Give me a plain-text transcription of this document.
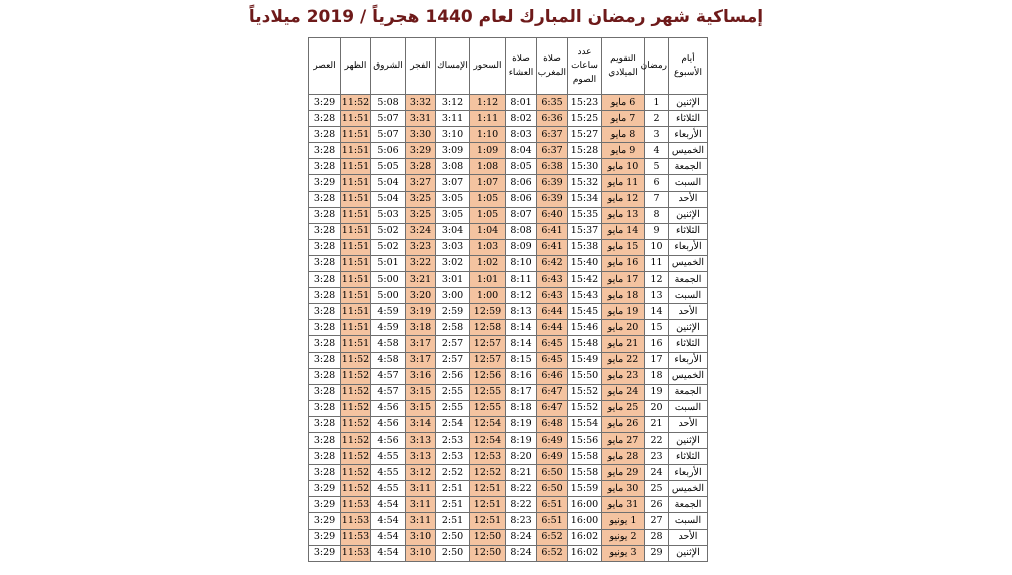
إمساكية شهر رمضان المبارك لعام 1440 هجرياً / 2019 ميلادياً
أيام الأسبوع	رمضان	التقويم الميلادي	عدد ساعات الصوم	صلاة المغرب	صلاة العشاء	السحور	الإمساك	الفجر	الشروق	الظهر	العصر
الإثنين	1	6 مايو	15:23	6:35	8:01	1:12	3:12	3:32	5:08	11:52	3:29
الثلاثاء	2	7 مايو	15:25	6:36	8:02	1:11	3:11	3:31	5:07	11:51	3:28
الأربعاء	3	8 مايو	15:27	6:37	8:03	1:10	3:10	3:30	5:07	11:51	3:28
الخميس	4	9 مايو	15:28	6:37	8:04	1:09	3:09	3:29	5:06	11:51	3:28
الجمعة	5	10 مايو	15:30	6:38	8:05	1:08	3:08	3:28	5:05	11:51	3:28
السبت	6	11 مايو	15:32	6:39	8:06	1:07	3:07	3:27	5:04	11:51	3:29
الأحد	7	12 مايو	15:34	6:39	8:06	1:05	3:05	3:25	5:04	11:51	3:28
الإثنين	8	13 مايو	15:35	6:40	8:07	1:05	3:05	3:25	5:03	11:51	3:28
الثلاثاء	9	14 مايو	15:37	6:41	8:08	1:04	3:04	3:24	5:02	11:51	3:28
الأربعاء	10	15 مايو	15:38	6:41	8:09	1:03	3:03	3:23	5:02	11:51	3:28
الخميس	11	16 مايو	15:40	6:42	8:10	1:02	3:02	3:22	5:01	11:51	3:28
الجمعة	12	17 مايو	15:42	6:43	8:11	1:01	3:01	3:21	5:00	11:51	3:28
السبت	13	18 مايو	15:43	6:43	8:12	1:00	3:00	3:20	5:00	11:51	3:28
الأحد	14	19 مايو	15:45	6:44	8:13	12:59	2:59	3:19	4:59	11:51	3:28
الإثنين	15	20 مايو	15:46	6:44	8:14	12:58	2:58	3:18	4:59	11:51	3:28
الثلاثاء	16	21 مايو	15:48	6:45	8:14	12:57	2:57	3:17	4:58	11:51	3:28
الأربعاء	17	22 مايو	15:49	6:45	8:15	12:57	2:57	3:17	4:58	11:52	3:28
الخميس	18	23 مايو	15:50	6:46	8:16	12:56	2:56	3:16	4:57	11:52	3:28
الجمعة	19	24 مايو	15:52	6:47	8:17	12:55	2:55	3:15	4:57	11:52	3:28
السبت	20	25 مايو	15:52	6:47	8:18	12:55	2:55	3:15	4:56	11:52	3:28
الأحد	21	26 مايو	15:54	6:48	8:19	12:54	2:54	3:14	4:56	11:52	3:28
الإثنين	22	27 مايو	15:56	6:49	8:19	12:54	2:53	3:13	4:56	11:52	3:28
الثلاثاء	23	28 مايو	15:58	6:49	8:20	12:53	2:53	3:13	4:55	11:52	3:28
الأربعاء	24	29 مايو	15:58	6:50	8:21	12:52	2:52	3:12	4:55	11:52	3:28
الخميس	25	30 مايو	15:59	6:50	8:22	12:51	2:51	3:11	4:55	11:52	3:29
الجمعة	26	31 مايو	16:00	6:51	8:22	12:51	2:51	3:11	4:54	11:53	3:29
السبت	27	1 يونيو	16:00	6:51	8:23	12:51	2:51	3:11	4:54	11:53	3:29
الأحد	28	2 يونيو	16:02	6:52	8:24	12:50	2:50	3:10	4:54	11:53	3:29
الإثنين	29	3 يونيو	16:02	6:52	8:24	12:50	2:50	3:10	4:54	11:53	3:29
